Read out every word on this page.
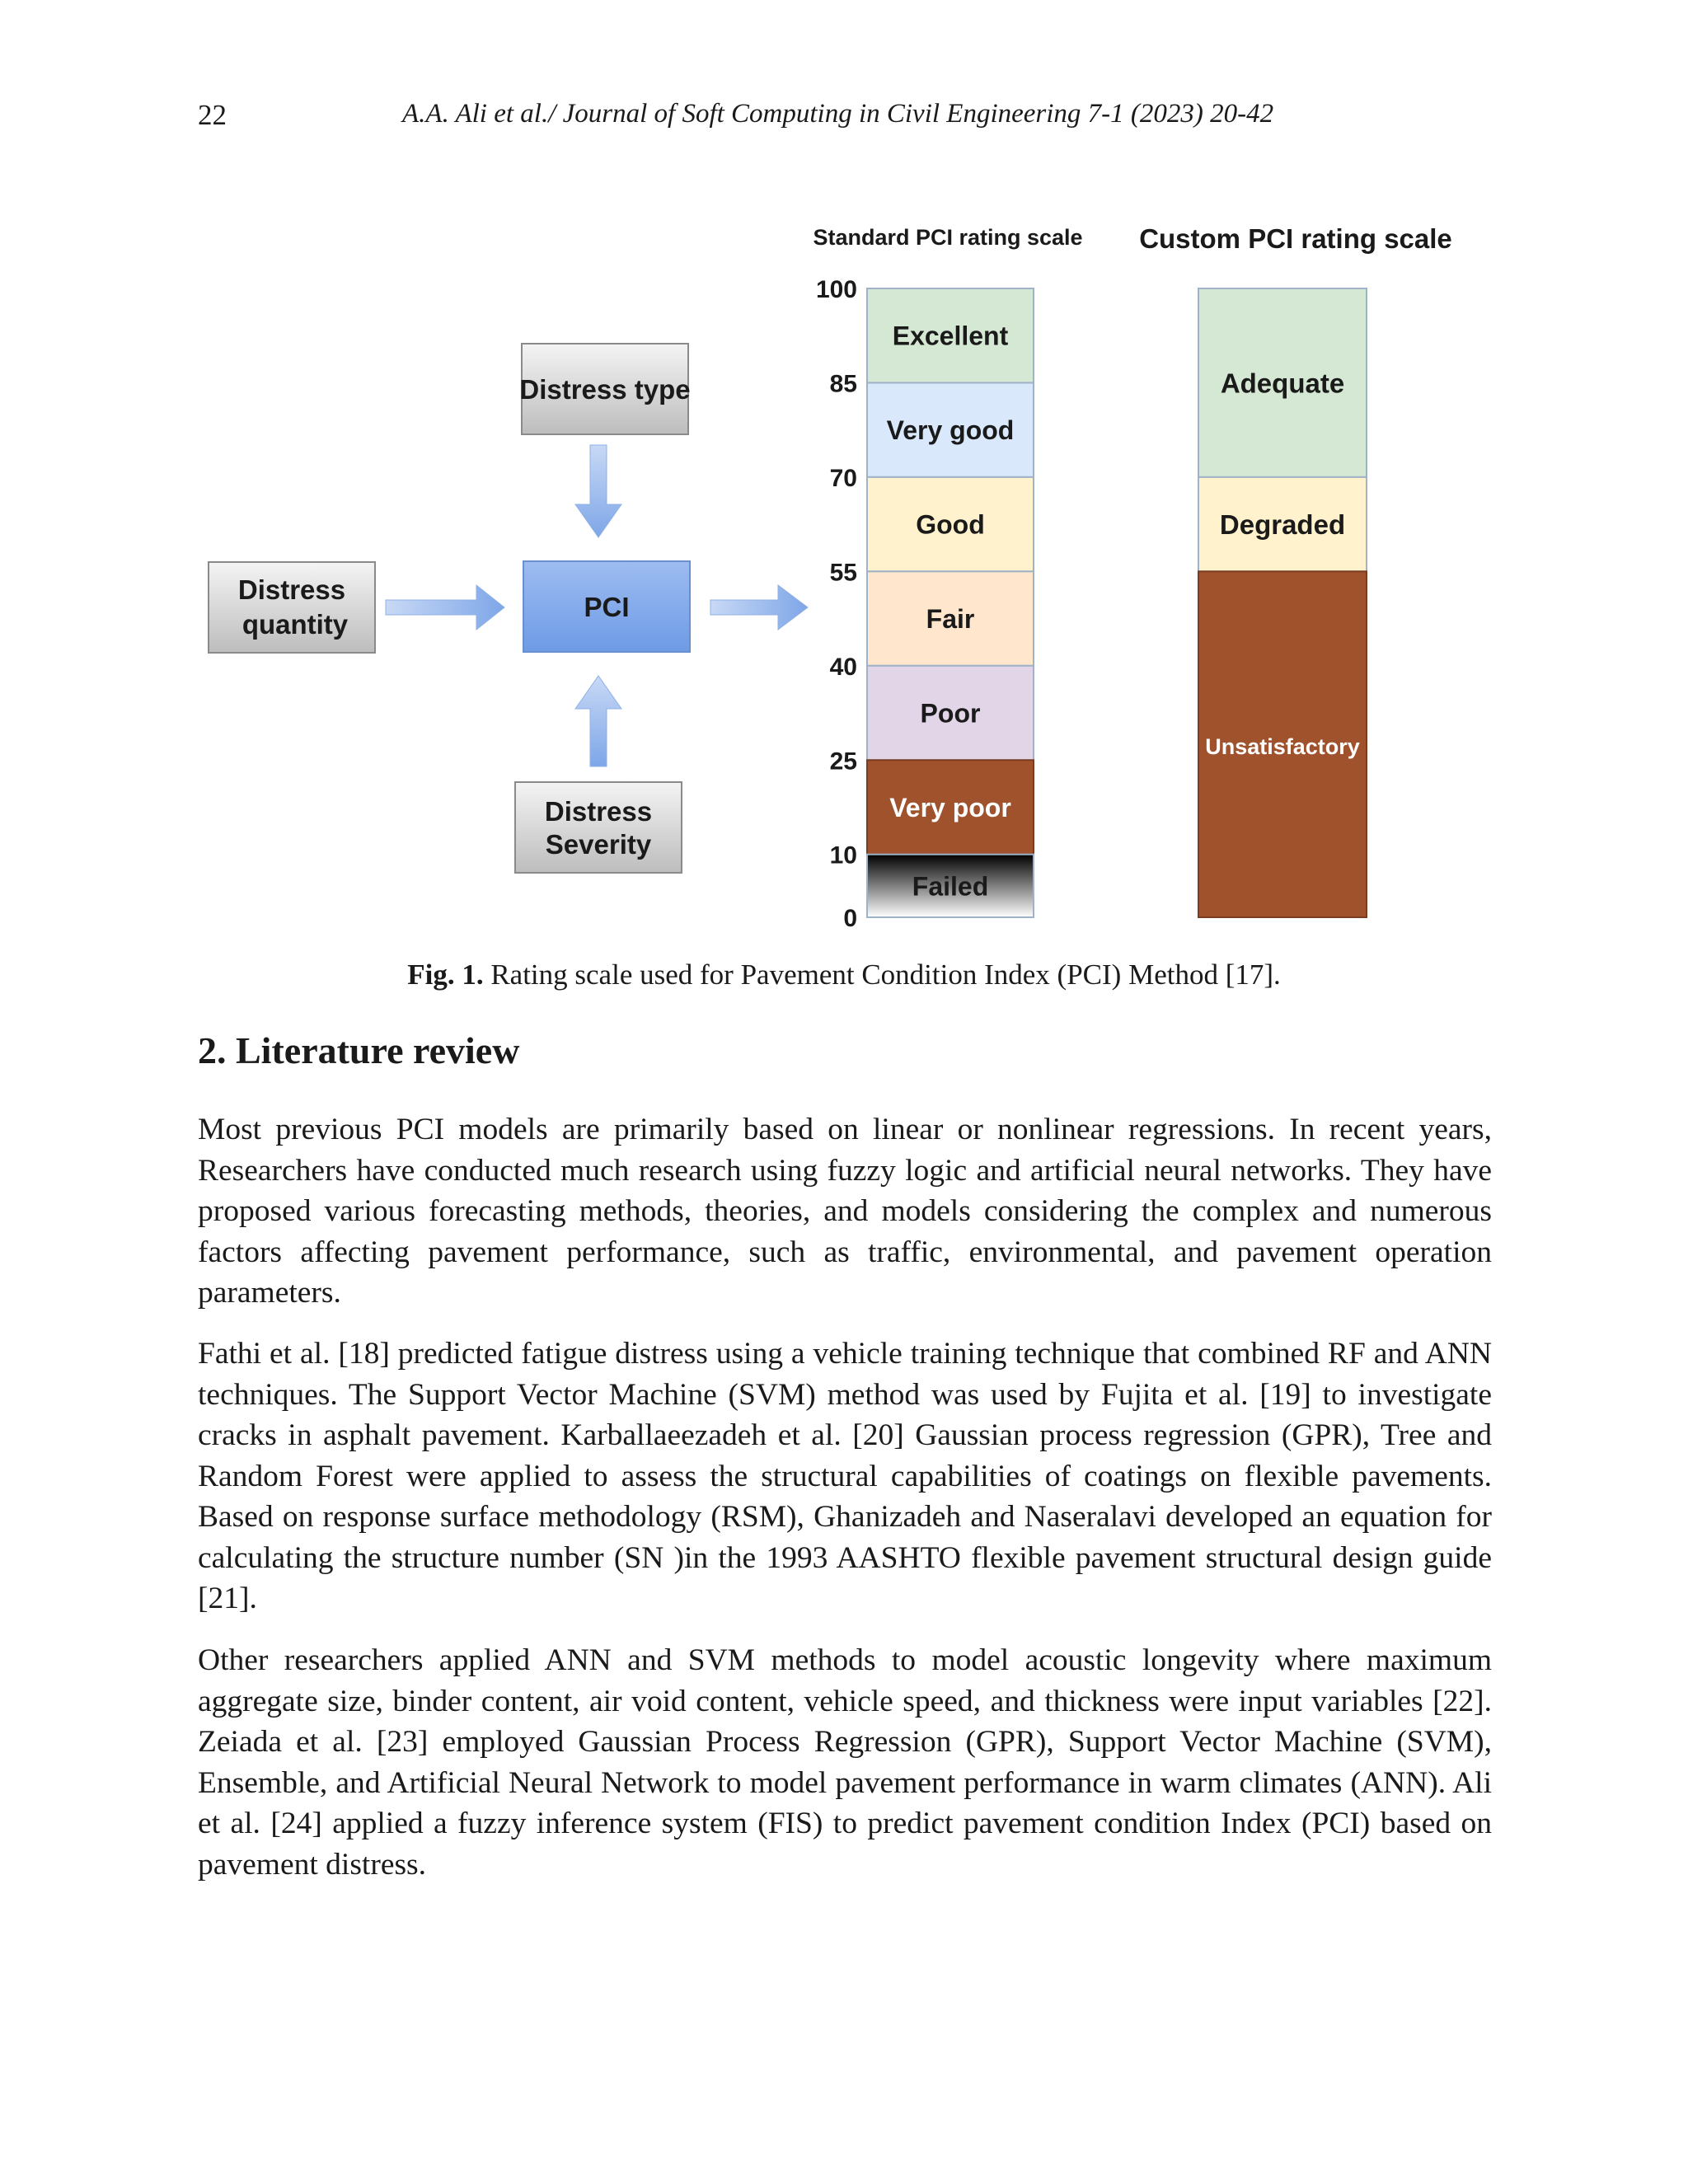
22	A.A. Ali et al./ Journal of Soft Computing in Civil Engineering 7-1 (2023) 20-42
Distress type
Distress
quantity
PCI
Distress
Severity
Standard PCI rating scale Custom PCI rating scale
Excellent
Very good
Good
Fair
Poor
Very poor
Failed
100
85
70
55
40
25
10
0
Adequate
Degraded
Unsatisfactory
Fig. 1. Rating scale used for Pavement Condition Index (PCI) Method [17].
2. Literature review

Most previous PCI models are primarily based on linear or nonlinear regressions. In recent years, Researchers have conducted much research using fuzzy logic and artificial neural networks. They have proposed various forecasting methods, theories, and models considering the complex and numerous factors affecting pavement performance, such as traffic, environmental, and pavement operation parameters.

Fathi et al. [18] predicted fatigue distress using a vehicle training technique that combined RF and ANN techniques. The Support Vector Machine (SVM) method was used by Fujita et al. [19] to investigate cracks in asphalt pavement. Karballaeezadeh et al. [20] Gaussian process regression (GPR), Tree and Random Forest were applied to assess the structural capabilities of coatings on flexible pavements. Based on response surface methodology (RSM), Ghanizadeh and Naseralavi developed an equation for calculating the structure number (SN )in the 1993 AASHTO flexible pavement structural design guide [21].

Other researchers applied ANN and SVM methods to model acoustic longevity where maximum aggregate size, binder content, air void content, vehicle speed, and thickness were input variables [22]. Zeiada et al. [23] employed Gaussian Process Regression (GPR), Support Vector Machine (SVM), Ensemble, and Artificial Neural Network to model pavement performance in warm climates (ANN). Ali et al. [24] applied a fuzzy inference system (FIS) to predict pavement condition Index (PCI) based on pavement distress.
